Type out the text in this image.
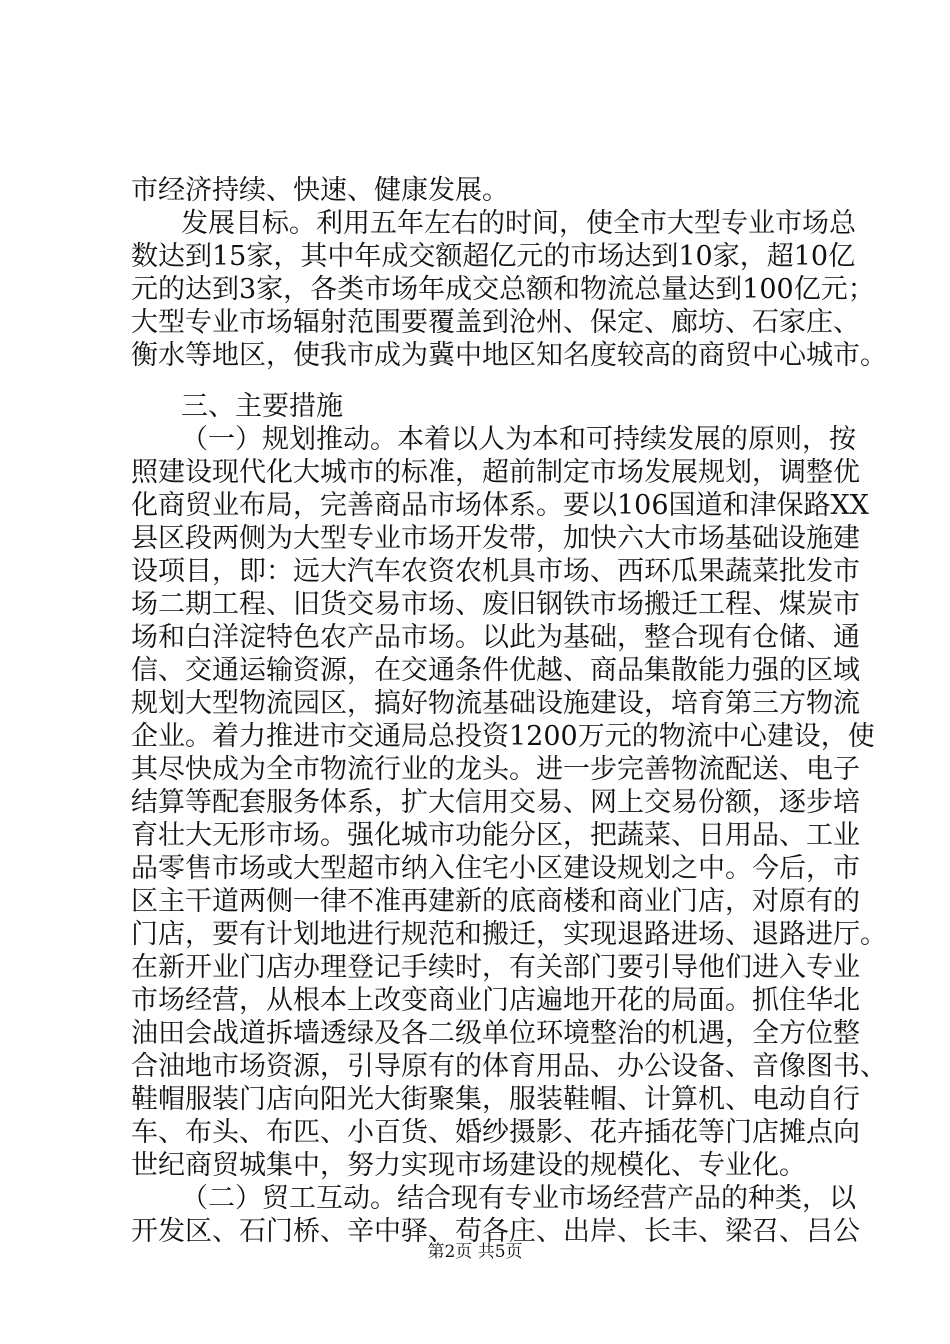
市经济持续、快速、健康发展。
发展目标。利用五年左右的时间，使全市大型专业市场总
数达到15家，其中年成交额超亿元的市场达到10家，超10亿
元的达到3家，各类市场年成交总额和物流总量达到100亿元；
大型专业市场辐射范围要覆盖到沧州、保定、廊坊、石家庄、
衡水等地区，使我市成为冀中地区知名度较高的商贸中心城市。
三、主要措施
（一）规划推动。本着以人为本和可持续发展的原则，按
照建设现代化大城市的标准，超前制定市场发展规划，调整优
化商贸业布局，完善商品市场体系。要以106国道和津保路XX
县区段两侧为大型专业市场开发带，加快六大市场基础设施建
设项目，即：远大汽车农资农机具市场、西环瓜果蔬菜批发市
场二期工程、旧货交易市场、废旧钢铁市场搬迁工程、煤炭市
场和白洋淀特色农产品市场。以此为基础，整合现有仓储、通
信、交通运输资源，在交通条件优越、商品集散能力强的区域
规划大型物流园区，搞好物流基础设施建设，培育第三方物流
企业。着力推进市交通局总投资1200万元的物流中心建设，使
其尽快成为全市物流行业的龙头。进一步完善物流配送、电子
结算等配套服务体系，扩大信用交易、网上交易份额，逐步培
育壮大无形市场。强化城市功能分区，把蔬菜、日用品、工业
品零售市场或大型超市纳入住宅小区建设规划之中。今后，市
区主干道两侧一律不准再建新的底商楼和商业门店，对原有的
门店，要有计划地进行规范和搬迁，实现退路进场、退路进厅。
在新开业门店办理登记手续时，有关部门要引导他们进入专业
市场经营，从根本上改变商业门店遍地开花的局面。抓住华北
油田会战道拆墙透绿及各二级单位环境整治的机遇，全方位整
合油地市场资源，引导原有的体育用品、办公设备、音像图书、
鞋帽服装门店向阳光大街聚集，服装鞋帽、计算机、电动自行
车、布头、布匹、小百货、婚纱摄影、花卉插花等门店摊点向
世纪商贸城集中，努力实现市场建设的规模化、专业化。
（二）贸工互动。结合现有专业市场经营产品的种类，以
开发区、石门桥、辛中驿、苟各庄、出岸、长丰、梁召、吕公
第2页 共5页
